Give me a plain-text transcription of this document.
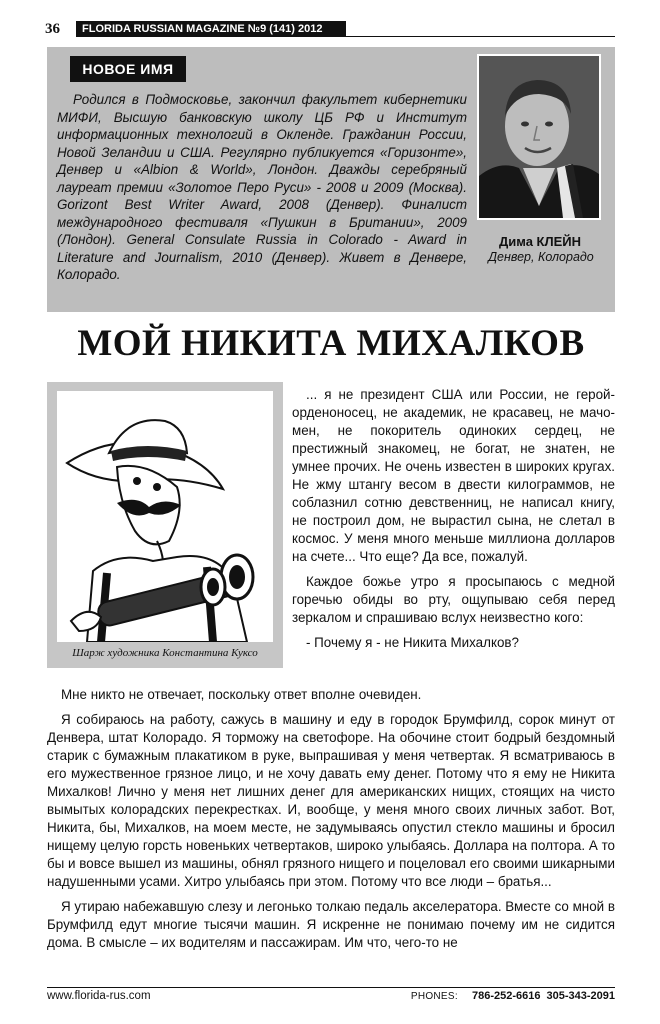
36	FLORIDA RUSSIAN MAGAZINE №9 (141) 2012
НОВОЕ ИМЯ

Родился в Подмосковье, закончил факультет кибернетики МИФИ, Высшую банковскую школу ЦБ РФ и Институт информационных технологий в Окленде. Гражданин России, Новой Зеландии и США. Регулярно публикуется «Горизонте», Денвер и «Albion & World», Лондон. Дважды серебряный лауреат премии «Золотое Перо Руси» - 2008 и 2009 (Москва). Gorizont Best Writer Award, 2008 (Денвер). Финалист международного фестиваля «Пушкин в Британии», 2009 (Лондон). General Consulate Russia in Colorado - Award in Literature and Journalism, 2010 (Денвер). Живет в Денвере, Колорадо.

Дима КЛЕЙН

Денвер, Колорадо

МОЙ НИКИТА МИХАЛКОВ

Шарж художника Константина Куксо

... я не президент США или России, не герой-орденоносец, не академик, не красавец, не мачо-мен, не покоритель одиноких сердец, не престижный знакомец, не богат, не знатен, не умнее прочих. Не очень известен в широких кругах. Не жму штангу весом в двести килограммов, не соблазнил сотню девственниц, не написал книгу, не построил дом, не вырастил сына, не слетал в космос. У меня много меньше миллиона долларов на счете... Что еще? Да все, пожалуй.

Каждое божье утро я просыпаюсь с медной горечью обиды во рту, ощупываю себя перед зеркалом и спрашиваю вслух неизвестно кого:

- Почему я - не Никита Михалков?

Мне никто не отвечает, поскольку ответ вполне очевиден.

Я собираюсь на работу, сажусь в машину и еду в городок Брумфилд, сорок минут от Денвера, штат Колорадо. Я торможу на светофоре. На обочине стоит бодрый бездомный старик с бумажным плакатиком в руке, выпрашивая у меня четвертак. Я всматриваюсь в его мужественное грязное лицо, и не хочу давать ему денег. Потому что я ему не Никита Михалков! Лично у меня нет лишних денег для американских нищих, стоящих на чисто вымытых колорадских перекрестках. И, вообще, у меня много своих личных забот. Вот, Никита, бы, Михалков, на моем месте, не задумываясь опустил стекло машины и бросил нищему целую горсть новеньких четвертаков, широко улыбаясь. Доллара на полтора. А то бы и вовсе вышел из машины, обнял грязного нищего и поцеловал его своими шикарными надушенными усами. Хитро улыбаясь при этом. Потому что все люди – братья...

Я утираю набежавшую слезу и легонько толкаю педаль акселератора. Вместе со мной в Брумфилд едут многие тысячи машин. Я искренне не понимаю почему им не сидится дома. В смысле – их водителям и пассажирам. Им что, чего-то не

www.florida-rus.com	PHONES: 786-252-6616 305-343-2091
